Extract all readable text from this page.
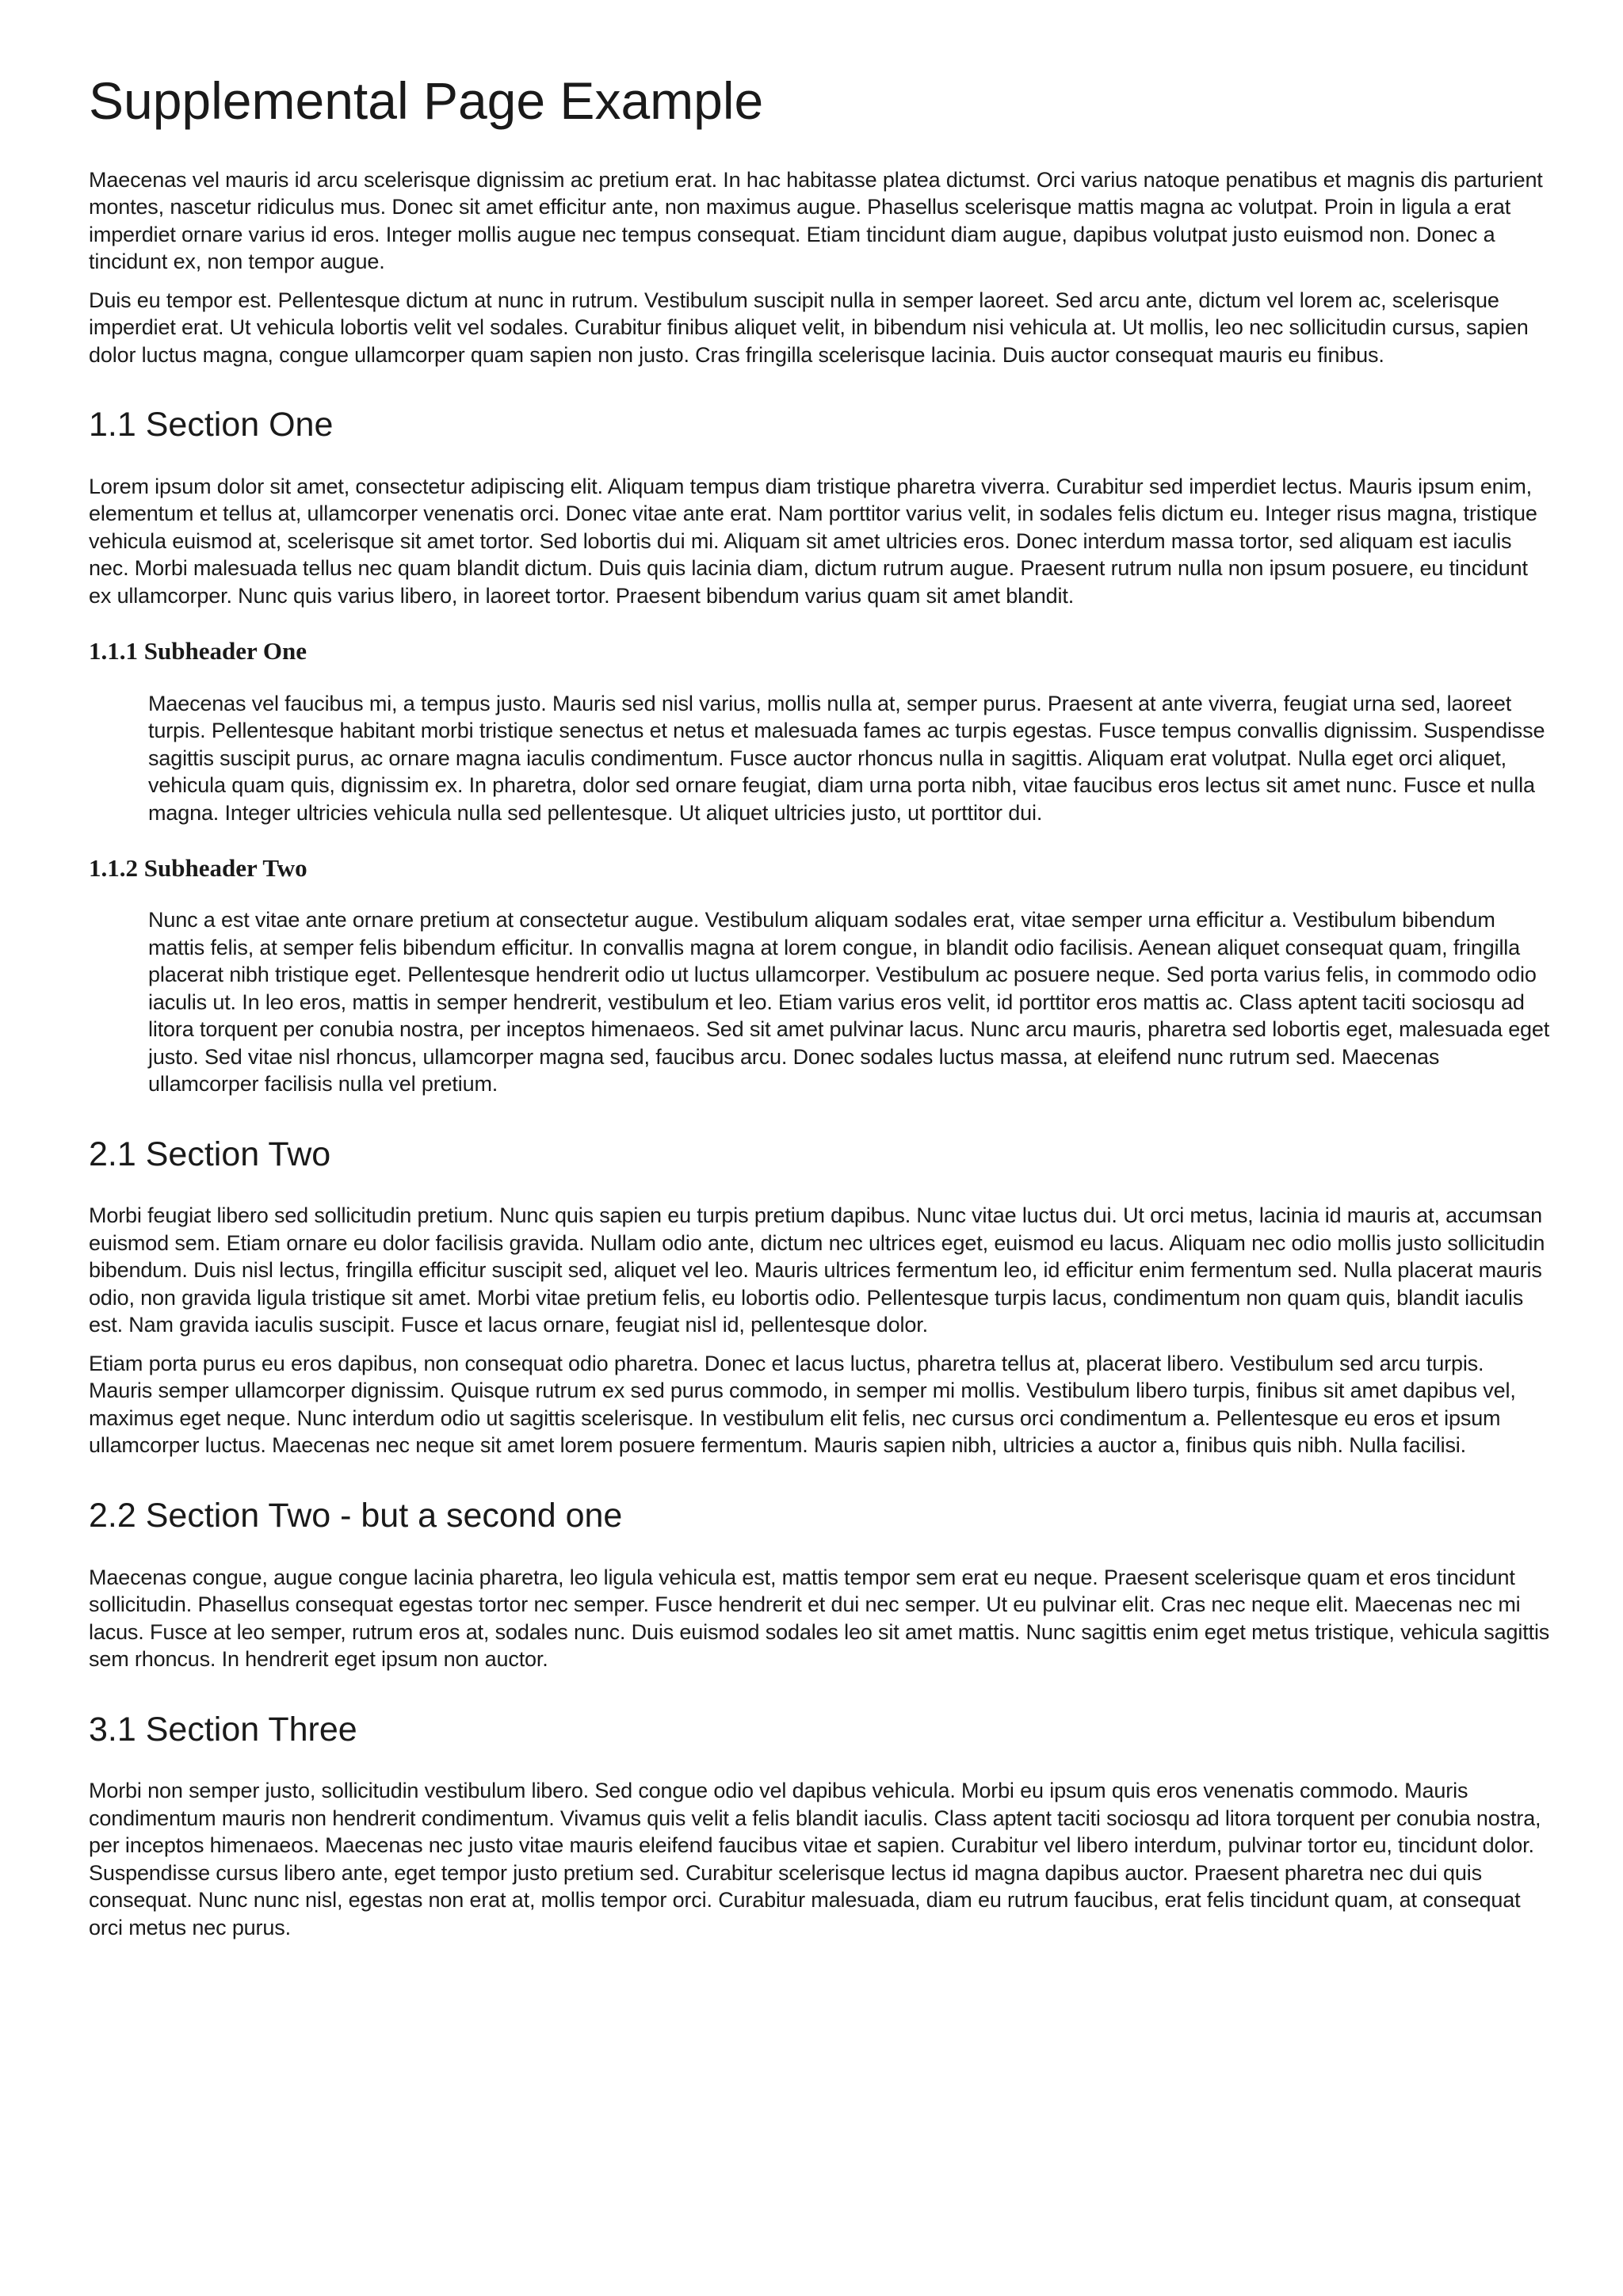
Supplemental Page Example

Maecenas vel mauris id arcu scelerisque dignissim ac pretium erat. In hac habitasse platea dictumst. Orci varius natoque penatibus et magnis dis parturient montes, nascetur ridiculus mus. Donec sit amet efficitur ante, non maximus augue. Phasellus scelerisque mattis magna ac volutpat. Proin in ligula a erat imperdiet ornare varius id eros. Integer mollis augue nec tempus consequat. Etiam tincidunt diam augue, dapibus volutpat justo euismod non. Donec a tincidunt ex, non tempor augue.

Duis eu tempor est. Pellentesque dictum at nunc in rutrum. Vestibulum suscipit nulla in semper laoreet. Sed arcu ante, dictum vel lorem ac, scelerisque imperdiet erat. Ut vehicula lobortis velit vel sodales. Curabitur finibus aliquet velit, in bibendum nisi vehicula at. Ut mollis, leo nec sollicitudin cursus, sapien dolor luctus magna, congue ullamcorper quam sapien non justo. Cras fringilla scelerisque lacinia. Duis auctor consequat mauris eu finibus.

1.1 Section One

Lorem ipsum dolor sit amet, consectetur adipiscing elit. Aliquam tempus diam tristique pharetra viverra. Curabitur sed imperdiet lectus. Mauris ipsum enim, elementum et tellus at, ullamcorper venenatis orci. Donec vitae ante erat. Nam porttitor varius velit, in sodales felis dictum eu. Integer risus magna, tristique vehicula euismod at, scelerisque sit amet tortor. Sed lobortis dui mi. Aliquam sit amet ultricies eros. Donec interdum massa tortor, sed aliquam est iaculis nec. Morbi malesuada tellus nec quam blandit dictum. Duis quis lacinia diam, dictum rutrum augue. Praesent rutrum nulla non ipsum posuere, eu tincidunt ex ullamcorper. Nunc quis varius libero, in laoreet tortor. Praesent bibendum varius quam sit amet blandit.

1.1.1 Subheader One

Maecenas vel faucibus mi, a tempus justo. Mauris sed nisl varius, mollis nulla at, semper purus. Praesent at ante viverra, feugiat urna sed, laoreet turpis. Pellentesque habitant morbi tristique senectus et netus et malesuada fames ac turpis egestas. Fusce tempus convallis dignissim. Suspendisse sagittis suscipit purus, ac ornare magna iaculis condimentum. Fusce auctor rhoncus nulla in sagittis. Aliquam erat volutpat. Nulla eget orci aliquet, vehicula quam quis, dignissim ex. In pharetra, dolor sed ornare feugiat, diam urna porta nibh, vitae faucibus eros lectus sit amet nunc. Fusce et nulla magna. Integer ultricies vehicula nulla sed pellentesque. Ut aliquet ultricies justo, ut porttitor dui.

1.1.2 Subheader Two

Nunc a est vitae ante ornare pretium at consectetur augue. Vestibulum aliquam sodales erat, vitae semper urna efficitur a. Vestibulum bibendum mattis felis, at semper felis bibendum efficitur. In convallis magna at lorem congue, in blandit odio facilisis. Aenean aliquet consequat quam, fringilla placerat nibh tristique eget. Pellentesque hendrerit odio ut luctus ullamcorper. Vestibulum ac posuere neque. Sed porta varius felis, in commodo odio iaculis ut. In leo eros, mattis in semper hendrerit, vestibulum et leo. Etiam varius eros velit, id porttitor eros mattis ac. Class aptent taciti sociosqu ad litora torquent per conubia nostra, per inceptos himenaeos. Sed sit amet pulvinar lacus. Nunc arcu mauris, pharetra sed lobortis eget, malesuada eget justo. Sed vitae nisl rhoncus, ullamcorper magna sed, faucibus arcu. Donec sodales luctus massa, at eleifend nunc rutrum sed. Maecenas ullamcorper facilisis nulla vel pretium.

2.1 Section Two

Morbi feugiat libero sed sollicitudin pretium. Nunc quis sapien eu turpis pretium dapibus. Nunc vitae luctus dui. Ut orci metus, lacinia id mauris at, accumsan euismod sem. Etiam ornare eu dolor facilisis gravida. Nullam odio ante, dictum nec ultrices eget, euismod eu lacus. Aliquam nec odio mollis justo sollicitudin bibendum. Duis nisl lectus, fringilla efficitur suscipit sed, aliquet vel leo. Mauris ultrices fermentum leo, id efficitur enim fermentum sed. Nulla placerat mauris odio, non gravida ligula tristique sit amet. Morbi vitae pretium felis, eu lobortis odio. Pellentesque turpis lacus, condimentum non quam quis, blandit iaculis est. Nam gravida iaculis suscipit. Fusce et lacus ornare, feugiat nisl id, pellentesque dolor.

Etiam porta purus eu eros dapibus, non consequat odio pharetra. Donec et lacus luctus, pharetra tellus at, placerat libero. Vestibulum sed arcu turpis. Mauris semper ullamcorper dignissim. Quisque rutrum ex sed purus commodo, in semper mi mollis. Vestibulum libero turpis, finibus sit amet dapibus vel, maximus eget neque. Nunc interdum odio ut sagittis scelerisque. In vestibulum elit felis, nec cursus orci condimentum a. Pellentesque eu eros et ipsum ullamcorper luctus. Maecenas nec neque sit amet lorem posuere fermentum. Mauris sapien nibh, ultricies a auctor a, finibus quis nibh. Nulla facilisi.

2.2 Section Two - but a second one

Maecenas congue, augue congue lacinia pharetra, leo ligula vehicula est, mattis tempor sem erat eu neque. Praesent scelerisque quam et eros tincidunt sollicitudin. Phasellus consequat egestas tortor nec semper. Fusce hendrerit et dui nec semper. Ut eu pulvinar elit. Cras nec neque elit. Maecenas nec mi lacus. Fusce at leo semper, rutrum eros at, sodales nunc. Duis euismod sodales leo sit amet mattis. Nunc sagittis enim eget metus tristique, vehicula sagittis sem rhoncus. In hendrerit eget ipsum non auctor.

3.1 Section Three

Morbi non semper justo, sollicitudin vestibulum libero. Sed congue odio vel dapibus vehicula. Morbi eu ipsum quis eros venenatis commodo. Mauris condimentum mauris non hendrerit condimentum. Vivamus quis velit a felis blandit iaculis. Class aptent taciti sociosqu ad litora torquent per conubia nostra, per inceptos himenaeos. Maecenas nec justo vitae mauris eleifend faucibus vitae et sapien. Curabitur vel libero interdum, pulvinar tortor eu, tincidunt dolor. Suspendisse cursus libero ante, eget tempor justo pretium sed. Curabitur scelerisque lectus id magna dapibus auctor. Praesent pharetra nec dui quis consequat. Nunc nunc nisl, egestas non erat at, mollis tempor orci. Curabitur malesuada, diam eu rutrum faucibus, erat felis tincidunt quam, at consequat orci metus nec purus.
